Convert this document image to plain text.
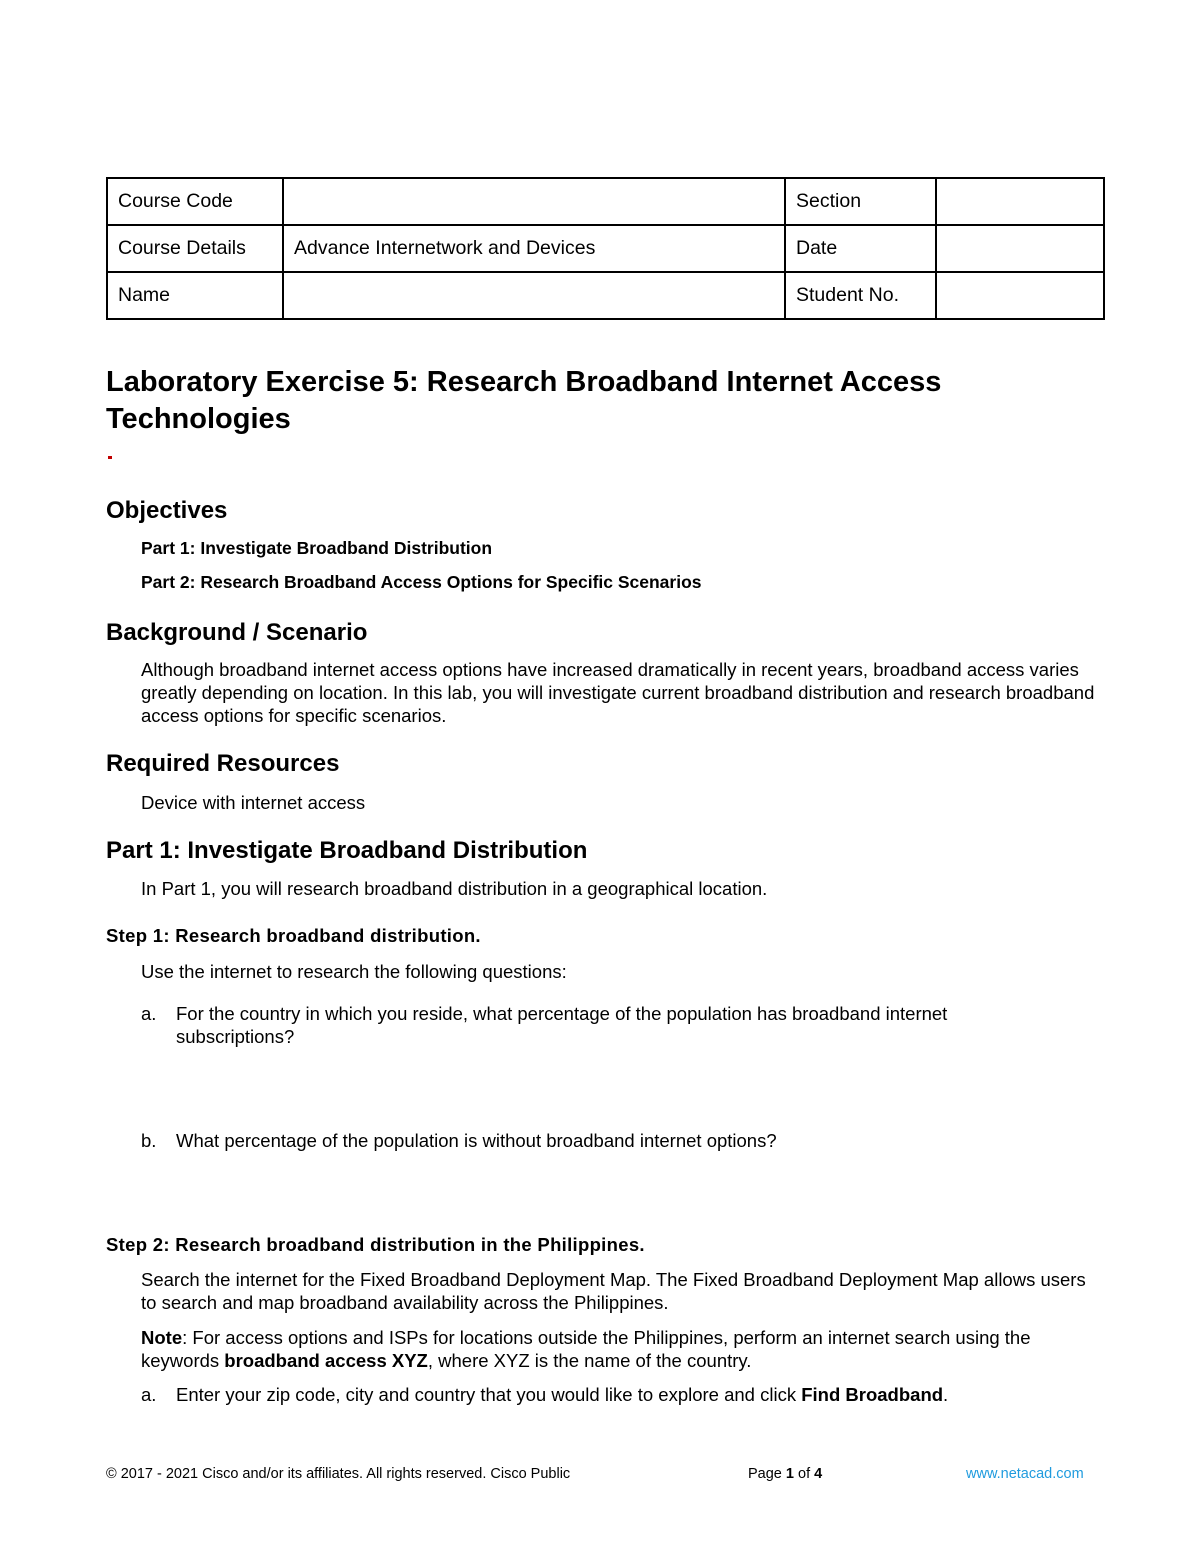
Course Code		Section	
Course Details	Advance Internetwork and Devices	Date	
Name		Student No.	
Laboratory Exercise 5: Research Broadband Internet Access Technologies
Objectives

Part 1: Investigate Broadband Distribution

Part 2: Research Broadband Access Options for Specific Scenarios

Background / Scenario

Although broadband internet access options have increased dramatically in recent years, broadband access varies greatly depending on location. In this lab, you will investigate current broadband distribution and research broadband access options for specific scenarios.

Required Resources

Device with internet access

Part 1: Investigate Broadband Distribution

In Part 1, you will research broadband distribution in a geographical location.

Step 1: Research broadband distribution.

Use the internet to research the following questions:

a. For the country in which you reside, what percentage of the population has broadband internet subscriptions?
b. What percentage of the population is without broadband internet options?
Step 2: Research broadband distribution in the Philippines.

Search the internet for the Fixed Broadband Deployment Map. The Fixed Broadband Deployment Map allows users to search and map broadband availability across the Philippines.

Note: For access options and ISPs for locations outside the Philippines, perform an internet search using the keywords broadband access XYZ, where XYZ is the name of the country.

a. Enter your zip code, city and country that you would like to explore and click Find Broadband.
© 2017 - 2021 Cisco and/or its affiliates. All rights reserved. Cisco Public	Page 1 of 4	www.netacad.com
